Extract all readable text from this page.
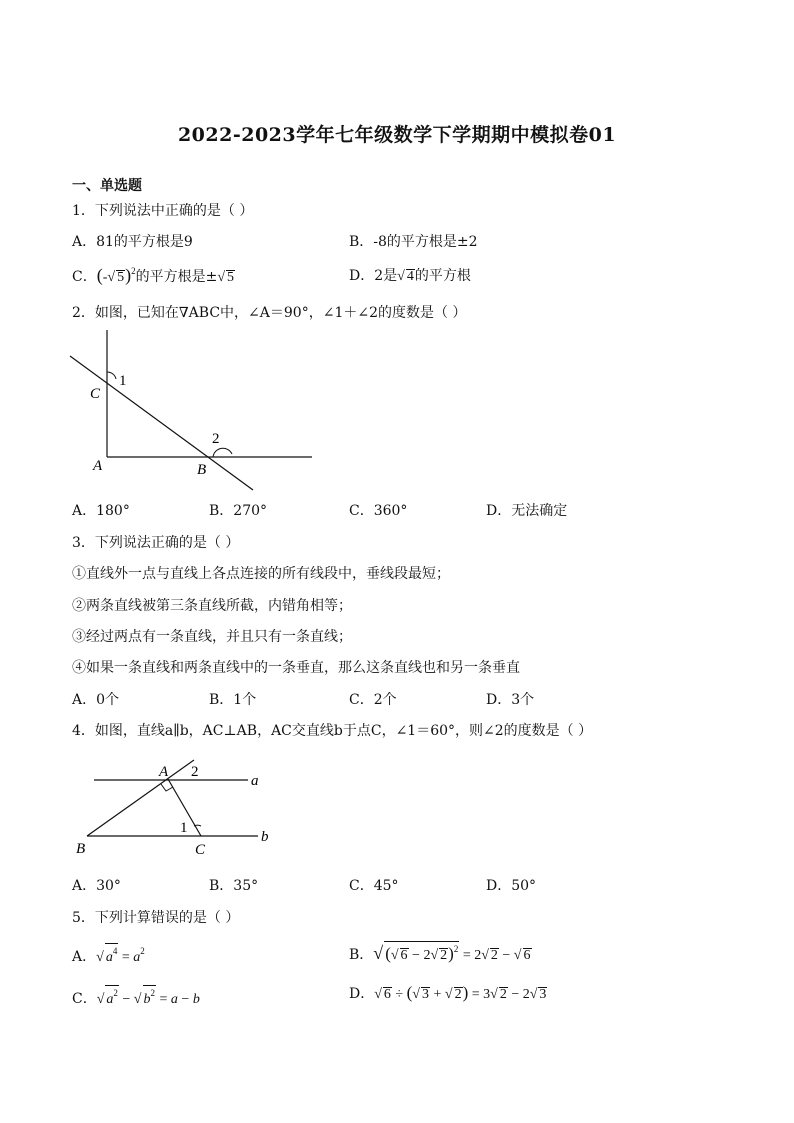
2022-2023学年七年级数学下学期期中模拟卷01
一、单选题
1．下列说法中正确的是（ ）
A．81的平方根是9	B．-8的平方根是±2
C．(-√ 5)$^2$的平方根是±√ 5	D．2是√ 4的平方根
2．如图，已知在∇ABC中，∠A＝90°，∠1＋∠2的度数是（ ）
C
1
A	B
2
A．180°	B．270°	C．360°	D．无法确定
3．下列说法正确的是（ ）
①直线外一点与直线上各点连接的所有线段中，垂线段最短；
②两条直线被第三条直线所截，内错角相等；
③经过两点有一条直线，并且只有一条直线；
④如果一条直线和两条直线中的一条垂直，那么这条直线也和另一条垂直
A．0个	B．1个	C．2个	D．3个
4．如图，直线a∥b，AC⊥AB，AC交直线b于点C，∠1＝60°，则∠2的度数是（ ）
A 2
a
1
b
B	C
A．30°	B．35°	C．45°	D．50°
5．下列计算错误的是（ ）
A．√ $a^4 = a^2$	B．√ (√ 6 − 2√ 2)$^2$ = 2√ 2 − √ 6
C．√ $a^2$ − √ $b^2 = a - b$	D．√ 6 ÷ (√ 3 + √ 2) = 3√ 2 − 2√ 3
